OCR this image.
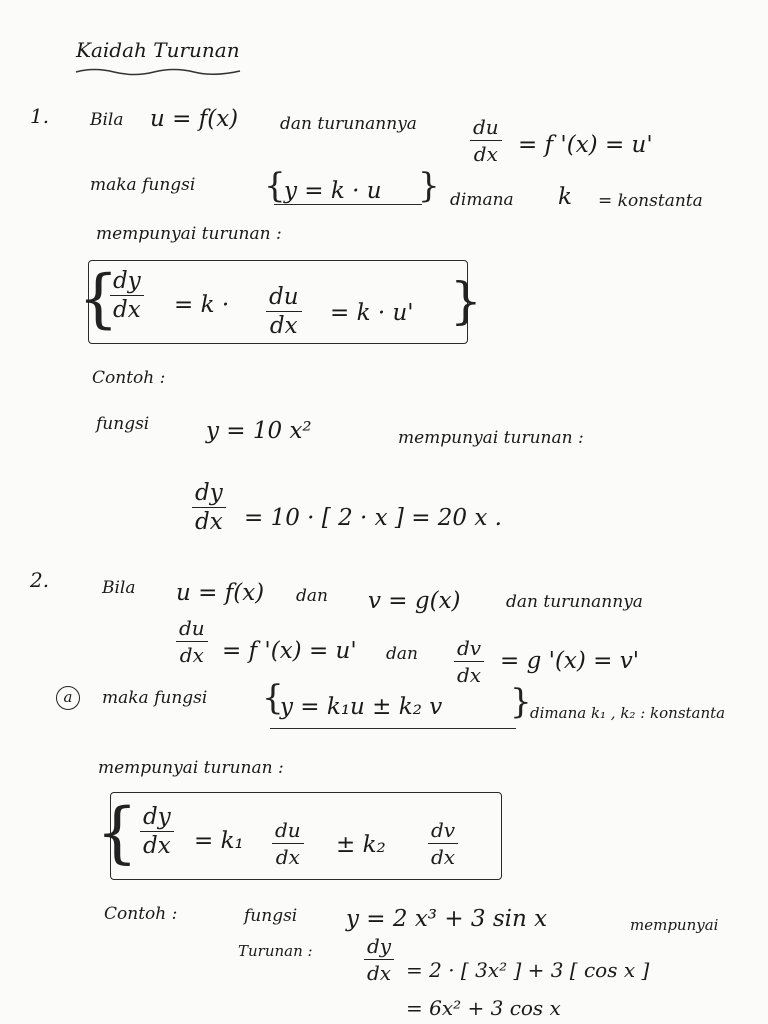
Kaidah Turunan
1. Bila u = f(x) dan turunannya	$\frac{du}{dx} = f$ '(x) = u'
maka fungsi {
y = k · u } dimana k = konstanta
mempunyai turunan :
{	}
$\frac{dy}{dx} = k \cdot \frac{du}{dx} = k \cdot u'$
Contoh :
fungsi y = 10 x²	mempunyai turunan :
$\frac{dy}{dx} = 10$ · [ 2 · x ] = 20 x .
2.	Bila u = f(x) dan v = g(x)	dan turunannya
$\frac{du}{dx} = f$ '(x) = u' dan $\frac{dv}{dx} = g$ '(x) = v'
a	maka fungsi {
y = k₁u ± k₂ v }
dimana k₁ , k₂ : konstanta
mempunyai turunan :
{ $\frac{dy}{dx} = k_1 \frac{du}{dx} \pm k_2 \frac{dv}{dx}$
Contoh :	fungsi y = 2 x³ + 3 sin x	mempunyai
Turunan :	$\frac{dy}{dx} = 2$ · [ 3x² ] + 3 [ cos x ]
= 6x² + 3 cos x
